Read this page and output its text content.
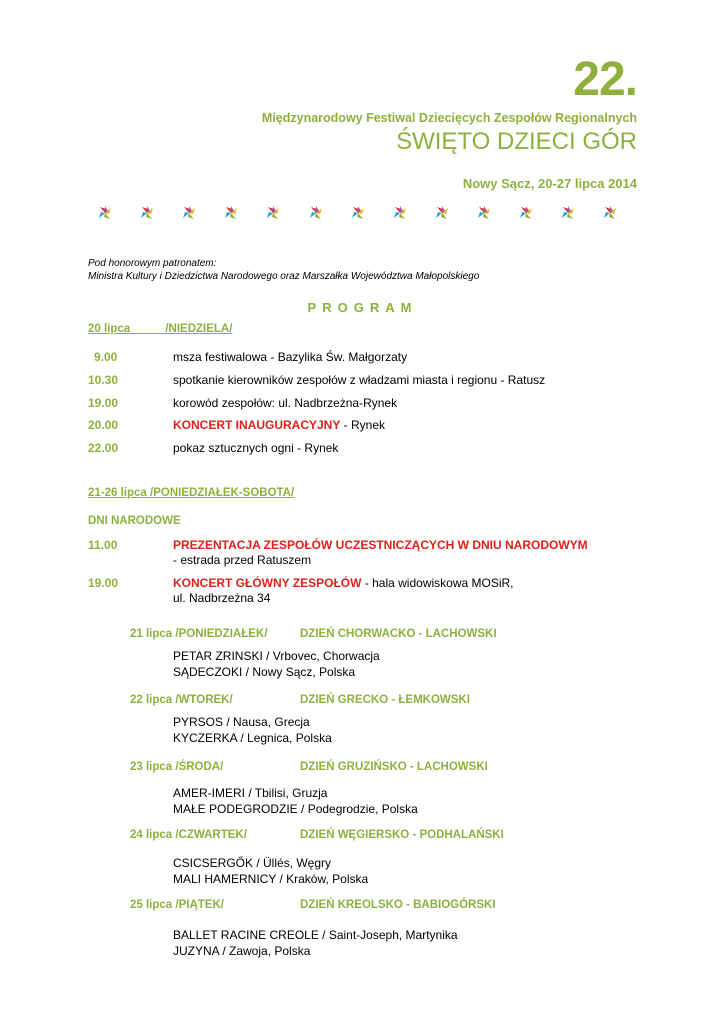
22.
Międzynarodowy Festiwal Dziecięcych Zespołów Regionalnych
ŚWIĘTO DZIECI GÓR
Nowy Sącz, 20-27 lipca 2014
Pod honorowym patronatem:
Ministra Kultury i Dziedzictwa Narodowego oraz Marszałka Województwa Małopolskiego
PROGRAM
20 lipca           /NIEDZIELA/
9.00	msza festiwalowa - Bazylika Św. Małgorzaty
10.30	spotkanie kierowników zespołów z władzami miasta i regionu - Ratusz
19.00	korowód zespołów: ul. Nadbrzeżna-Rynek
20.00	KONCERT INAUGURACYJNY - Rynek
22.00	pokaz sztucznych ogni - Rynek
21-26 lipca /PONIEDZIAŁEK-SOBOTA/
DNI NARODOWE
11.00	PREZENTACJA ZESPOŁÓW UCZESTNICZĄCYCH W DNIU NARODOWYM
- estrada przed Ratuszem
19.00	KONCERT GŁÓWNY ZESPOŁÓW - hala widowiskowa MOSiR,
ul. Nadbrzeżna 34
21 lipca /PONIEDZIAŁEK/	DZIEŃ CHORWACKO - LACHOWSKI
PETAR ZRINSKI / Vrbovec, Chorwacja
SĄDECZOKI / Nowy Sącz, Polska
22 lipca /WTOREK/	DZIEŃ GRECKO - ŁEMKOWSKI
PYRSOS / Nausa, Grecja
KYCZERKA / Legnica, Polska
23 lipca /ŚRODA/	DZIEŃ GRUZIŃSKO - LACHOWSKI
AMER-IMERI / Tbilisi, Gruzja
MAŁE PODEGRODZIE / Podegrodzie, Polska
24 lipca /CZWARTEK/	DZIEŃ WĘGIERSKO - PODHALAŃSKI
CSICSERGŐK / Üllés, Węgry
MALI HAMERNICY / Kraków, Polska
25 lipca /PIĄTEK/	DZIEŃ KREOLSKO - BABIOGÓRSKI
BALLET RACINE CREOLE / Saint-Joseph, Martynika
JUZYNA / Zawoja, Polska
